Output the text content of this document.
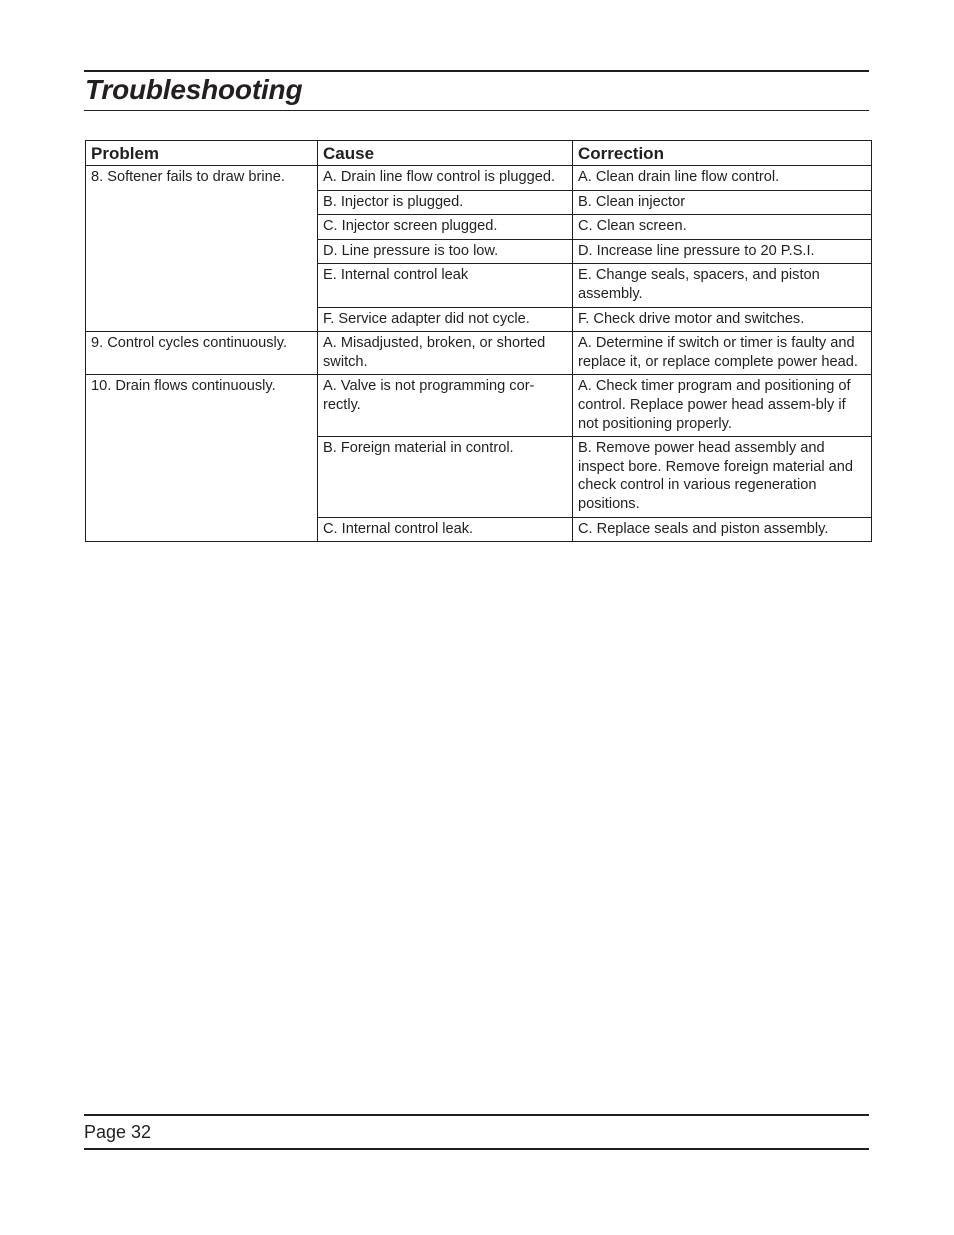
Troubleshooting
Problem	Cause	Correction
8. Softener fails to draw brine.	A. Drain line flow control is plugged.	A. Clean drain line flow control.
	B. Injector is plugged.	B. Clean injector
	C. Injector screen plugged.	C. Clean screen.
	D. Line pressure is too low.	D. Increase line pressure to 20 P.S.I.
	E. Internal control leak	E. Change seals, spacers, and piston assembly.
	F. Service adapter did not cycle.	F. Check drive motor and switches.
9. Control cycles continuously.	A. Misadjusted, broken, or shorted switch.	A. Determine if switch or timer is faulty and replace it, or replace complete power head.
10. Drain flows continuously.	A. Valve is not programming cor-rectly.	A. Check timer program and positioning of control. Replace power head assem-bly if not positioning properly.
	B. Foreign material in control.	B. Remove power head assembly and inspect bore. Remove foreign material and check control in various regeneration positions.
	C. Internal control leak.	C. Replace seals and piston assembly.
Page 32
